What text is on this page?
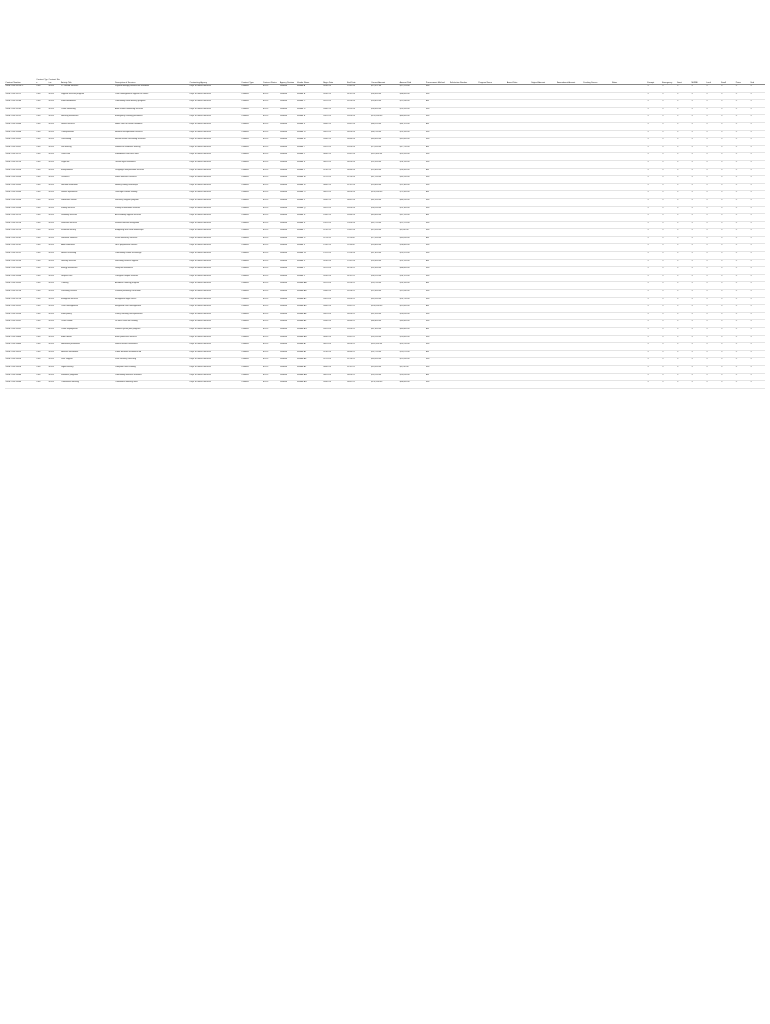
Contract Number	Contract Type	Contract Status	Activity Title	Description of Services	Contracting Agency	Contract Type	Contract Status	Agency Division	Vendor Name	Begin Date	End Date	Current Amount	Amount Paid	Procurement Method	Solicitation Number	Program Name	Award Date	Original Amount	Amendment Amount	Funding Source	Notes	Exempt	Emergency	Grant	MWBE	Local	Small	Prime	Sub
2019-SSN-0118-1	CNS	Active	PT Rehab Services	Physical therapy services for residents	Dept. of Social Services	Contract	Active	Division	Vendor A	01/01/19	12/31/19	$72,371.00	$17,375.00	RFP								N	N	N	N	N	N	N	N
2019-SSN-0121	CNS	Active	Support services program	Case management support for clients	Dept. of Social Services	Contract	Active	Division	Vendor B	02/01/19	01/31/20	$96,000.00	$48,000.00	RFP								N	N	N	N	N	N	N	N
2019-SSN-0130	CNS	Active	Food distribution	Community meal delivery program	Dept. of Social Services	Contract	Active	Division	Vendor C	02/15/19	02/14/20	$54,850.00	$21,940.00	Bid								N	N	N	N	N	N	N	N
2019-SSN-0134	CNS	Active	Youth mentoring	After-school mentoring services	Dept. of Social Services	Contract	Active	Division	Vendor D	03/01/19	02/29/20	$38,400.00	$19,200.00	RFP								N	N	N	N	N	N	N	N
2019-SSN-0142	CNS	Active	Housing assistance	Emergency housing placement	Dept. of Social Services	Contract	Active	Division	Vendor E	03/15/19	03/14/20	$120,000.00	$60,000.00	RFP								N	N	N	N	N	N	N	N
2019-SSN-0150	CNS	Active	Senior services	Home care for senior residents	Dept. of Social Services	Contract	Active	Division	Vendor F	04/01/19	03/31/20	$88,250.00	$44,125.00	Bid								N	N	N	N	N	N	N	N
2019-SSN-0155	CNS	Active	Transportation	Medical transportation services	Dept. of Social Services	Contract	Active	Division	Vendor G	04/15/19	04/14/20	$46,700.00	$23,350.00	RFP								N	N	N	N	N	N	N	N
2019-SSN-0161	CNS	Active	Counseling	Mental health counseling sessions	Dept. of Social Services	Contract	Active	Division	Vendor H	05/01/19	04/30/20	$64,000.00	$32,000.00	RFP								N	N	N	N	N	N	N	N
2019-SSN-0167	CNS	Active	Job training	Workforce readiness training	Dept. of Social Services	Contract	Active	Division	Vendor I	05/15/19	05/14/20	$75,500.00	$37,750.00	Bid								N	N	N	N	N	N	N	N
2019-SSN-0172	CNS	Active	Child care	Subsidized child care slots	Dept. of Social Services	Contract	Active	Division	Vendor J	06/01/19	05/31/20	$110,400.00	$55,200.00	RFP								N	N	N	N	N	N	N	N
2019-SSN-0178	CNS	Active	Legal aid	Tenant legal assistance	Dept. of Social Services	Contract	Active	Division	Vendor K	06/15/19	06/14/20	$52,300.00	$26,150.00	RFP								N	N	N	N	N	N	N	N
2019-SSN-0183	CNS	Active	Interpretation	Language interpretation services	Dept. of Social Services	Contract	Active	Division	Vendor L	07/01/19	06/30/20	$29,800.00	$14,900.00	Bid								N	N	N	N	N	N	N	N
2019-SSN-0189	CNS	Active	Outreach	Street outreach services	Dept. of Social Services	Contract	Active	Division	Vendor M	07/15/19	07/14/20	$67,100.00	$33,550.00	RFP								N	N	N	N	N	N	N	N
2019-SSN-0194	CNS	Active	Nutrition education	Healthy eating workshops	Dept. of Social Services	Contract	Active	Division	Vendor N	08/01/19	07/31/20	$24,600.00	$12,300.00	RFP								N	N	N	N	N	N	N	N
2019-SSN-0198	CNS	Active	Shelter operations	Overnight shelter staffing	Dept. of Social Services	Contract	Active	Division	Vendor O	08/15/19	08/14/20	$145,000.00	$72,500.00	Bid								N	N	N	N	N	N	N	N
2019-SSN-0203	CNS	Active	Substance abuse	Recovery support program	Dept. of Social Services	Contract	Active	Division	Vendor P	09/01/19	08/31/20	$81,900.00	$40,950.00	RFP								N	N	N	N	N	N	N	N
2019-SSN-0209	CNS	Active	Family services	Family reunification services	Dept. of Social Services	Contract	Active	Division	Vendor Q	09/15/19	09/14/20	$58,200.00	$29,100.00	RFP								N	N	N	N	N	N	N	N
2019-SSN-0214	CNS	Active	Disability services	Accessibility support services	Dept. of Social Services	Contract	Active	Division	Vendor R	10/01/19	09/30/20	$63,400.00	$31,700.00	Bid								N	N	N	N	N	N	N	N
2019-SSN-0220	CNS	Active	Veterans services	Veteran benefits navigation	Dept. of Social Services	Contract	Active	Division	Vendor S	10/15/19	10/14/20	$42,750.00	$21,375.00	RFP								N	N	N	N	N	N	N	N
2019-SSN-0226	CNS	Active	Financial literacy	Budgeting and credit workshops	Dept. of Social Services	Contract	Active	Division	Vendor T	11/01/19	10/31/20	$19,900.00	$9,950.00	RFP								N	N	N	N	N	N	N	N
2019-SSN-0231	CNS	Active	Domestic violence	Victim advocacy services	Dept. of Social Services	Contract	Active	Division	Vendor U	11/15/19	11/14/20	$71,300.00	$35,650.00	Bid								N	N	N	N	N	N	N	N
2019-SSN-0237	CNS	Active	Adult education	GED preparation classes	Dept. of Social Services	Contract	Active	Division	Vendor V	12/01/19	11/30/20	$33,600.00	$16,800.00	RFP								N	N	N	N	N	N	N	N
2019-SSN-0242	CNS	Active	Health screening	Community health screenings	Dept. of Social Services	Contract	Active	Division	Vendor W	12/15/19	12/14/20	$47,850.00	$23,925.00	RFP								N	N	N	N	N	N	N	N
2019-SSN-0248	CNS	Active	Reentry services	Returning citizens support	Dept. of Social Services	Contract	Active	Division	Vendor X	01/01/20	12/31/20	$59,400.00	$29,700.00	Bid								N	N	N	N	N	N	N	N
2019-SSN-0253	CNS	Active	Energy assistance	Utility bill assistance	Dept. of Social Services	Contract	Active	Division	Vendor Y	01/15/20	01/14/21	$92,000.00	$46,000.00	RFP								N	N	N	N	N	N	N	N
2019-SSN-0259	CNS	Active	Respite care	Caregiver respite services	Dept. of Social Services	Contract	Active	Division	Vendor Z	02/01/20	01/31/21	$36,250.00	$18,125.00	RFP								N	N	N	N	N	N	N	N
2019-SSN-0264	CNS	Active	Tutoring	Academic tutoring program	Dept. of Social Services	Contract	Active	Division	Vendor AA	02/15/20	02/14/21	$28,700.00	$14,350.00	Bid								N	N	N	N	N	N	N	N
2019-SSN-0270	CNS	Active	Parenting classes	Positive parenting curriculum	Dept. of Social Services	Contract	Active	Division	Vendor AB	03/01/20	02/28/21	$22,400.00	$11,200.00	RFP								N	N	N	N	N	N	N	N
2019-SSN-0275	CNS	Active	Immigrant services	Immigration legal clinics	Dept. of Social Services	Contract	Active	Division	Vendor AC	03/15/20	03/14/21	$49,500.00	$24,750.00	RFP								N	N	N	N	N	N	N	N
2019-SSN-0281	CNS	Active	Case management	Integrated case management	Dept. of Social Services	Contract	Active	Division	Vendor AD	04/01/20	03/31/21	$104,000.00	$52,000.00	Bid								N	N	N	N	N	N	N	N
2019-SSN-0286	CNS	Active	Food pantry	Pantry stocking and operations	Dept. of Social Services	Contract	Active	Division	Vendor AE	04/15/20	04/14/21	$41,300.00	$20,650.00	RFP								N	N	N	N	N	N	N	N
2019-SSN-0292	CNS	Active	Crisis hotline	24-hour crisis line staffing	Dept. of Social Services	Contract	Active	Division	Vendor AF	05/01/20	04/30/21	$66,800.00	$33,400.00	RFP								N	N	N	N	N	N	N	N
2019-SSN-0297	CNS	Active	Youth employment	Summer youth jobs program	Dept. of Social Services	Contract	Active	Division	Vendor AG	05/15/20	05/14/21	$87,600.00	$43,800.00	Bid								N	N	N	N	N	N	N	N
2019-SSN-0303	CNS	Active	Elder abuse	Elder protective services	Dept. of Social Services	Contract	Active	Division	Vendor AH	06/01/20	05/31/21	$39,200.00	$19,600.00	RFP								N	N	N	N	N	N	N	N
2019-SSN-0308	CNS	Active	Homeless prevention	Rental arrears assistance	Dept. of Social Services	Contract	Active	Division	Vendor AI	06/15/20	06/14/21	$118,500.00	$59,250.00	RFP								N	N	N	N	N	N	N	N
2019-SSN-0314	CNS	Active	Benefits enrollment	Public benefits enrollment aid	Dept. of Social Services	Contract	Active	Division	Vendor AJ	07/01/20	06/30/21	$31,750.00	$15,875.00	Bid								N	N	N	N	N	N	N	N
2019-SSN-0319	CNS	Active	Peer support	Peer recovery coaching	Dept. of Social Services	Contract	Active	Division	Vendor AK	07/15/20	07/14/21	$44,900.00	$22,450.00	RFP								N	N	N	N	N	N	N	N
2019-SSN-0325	CNS	Active	Digital literacy	Computer skills training	Dept. of Social Services	Contract	Active	Division	Vendor AL	08/01/20	07/31/21	$18,300.00	$9,150.00	RFP								N	N	N	N	N	N	N	N
2019-SSN-0330	CNS	Active	Wellness programs	Community wellness activities	Dept. of Social Services	Contract	Active	Division	Vendor AM	08/15/20	08/14/21	$26,100.00	$13,050.00	Bid								N	N	N	N	N	N	N	N
2019-SSN-0336	CNS	Active	Transitional housing	Transitional housing units	Dept. of Social Services	Contract	Active	Division	Vendor AN	09/01/20	08/31/21	$132,000.00	$66,000.00	RFP								N	N	N	N	N	N	N	N
